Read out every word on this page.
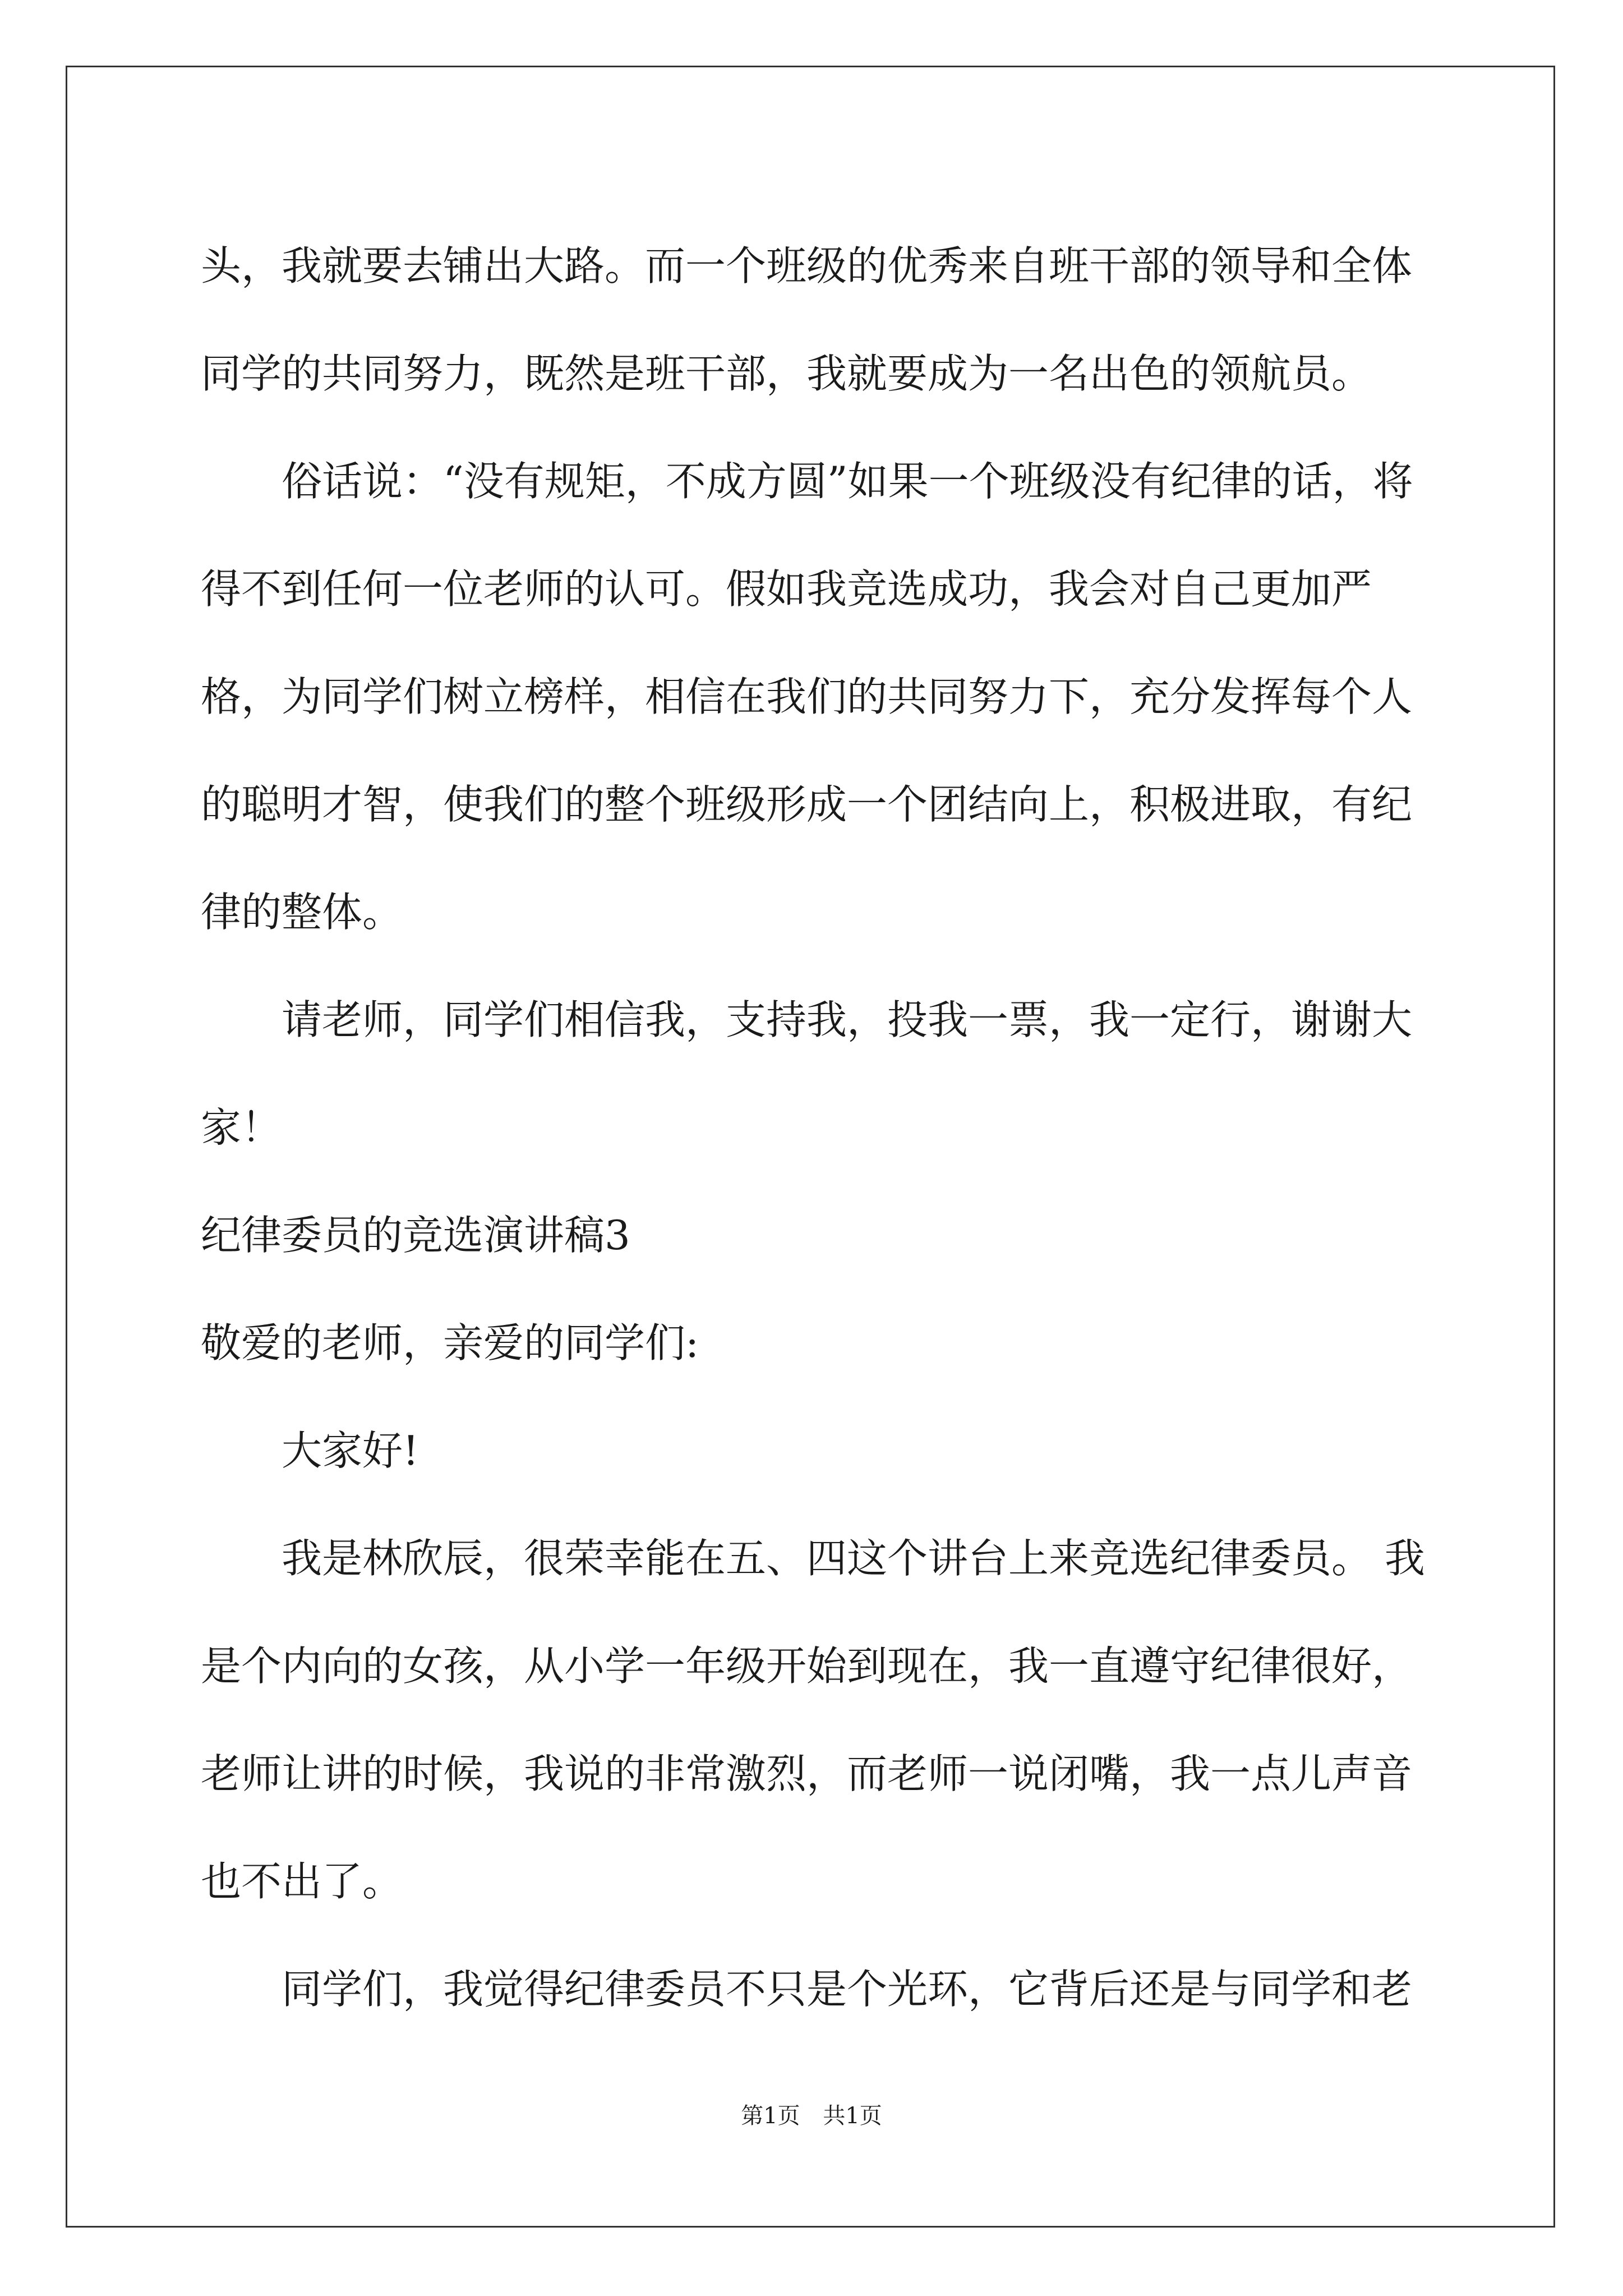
头，我就要去铺出大路。而一个班级的优秀来自班干部的领导和全体同学的共同努力，既然是班干部，我就要成为一名出色的领航员。

俗话说：“没有规矩，不成方圆”如果一个班级没有纪律的话，将得不到任何一位老师的认可。假如我竞选成功，我会对自己更加严格，为同学们树立榜样，相信在我们的共同努力下，充分发挥每个人的聪明才智，使我们的整个班级形成一个团结向上，积极进取，有纪律的整体。

请老师，同学们相信我，支持我，投我一票，我一定行，谢谢大家！

纪律委员的竞选演讲稿3

敬爱的老师，亲爱的同学们:

大家好!

我是林欣辰，很荣幸能在五、四这个讲台上来竞选纪律委员。 我是个内向的女孩，从小学一年级开始到现在，我一直遵守纪律很好，老师让讲的时候，我说的非常激烈，而老师一说闭嘴，我一点儿声音也不出了。

同学们，我觉得纪律委员不只是个光环，它背后还是与同学和老

第1页 共1页
